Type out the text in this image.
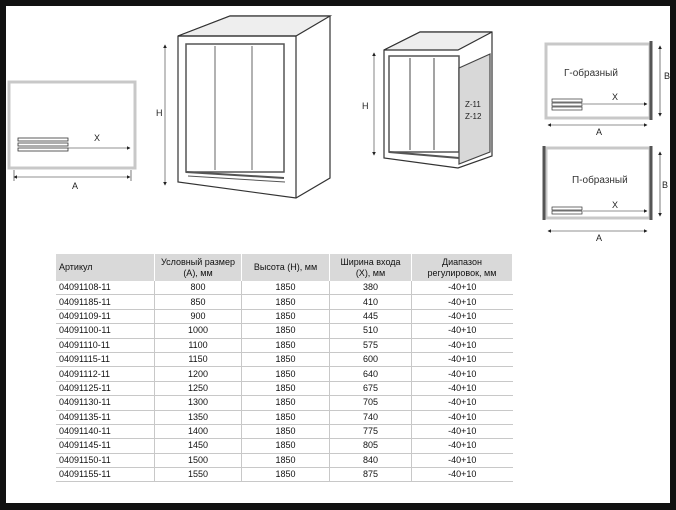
X
A
H
H	Z-11
Z-12
Г-образный	B
X
A
П-образный	B
X
A
Артикул	Условный размер (А), мм	Высота (Н), мм	Ширина входа (X), мм	Диапазон регулировок, мм
04091108-11	800	1850	380	-40+10
04091185-11	850	1850	410	-40+10
04091109-11	900	1850	445	-40+10
04091100-11	1000	1850	510	-40+10
04091110-11	1100	1850	575	-40+10
04091115-11	1150	1850	600	-40+10
04091112-11	1200	1850	640	-40+10
04091125-11	1250	1850	675	-40+10
04091130-11	1300	1850	705	-40+10
04091135-11	1350	1850	740	-40+10
04091140-11	1400	1850	775	-40+10
04091145-11	1450	1850	805	-40+10
04091150-11	1500	1850	840	-40+10
04091155-11	1550	1850	875	-40+10
